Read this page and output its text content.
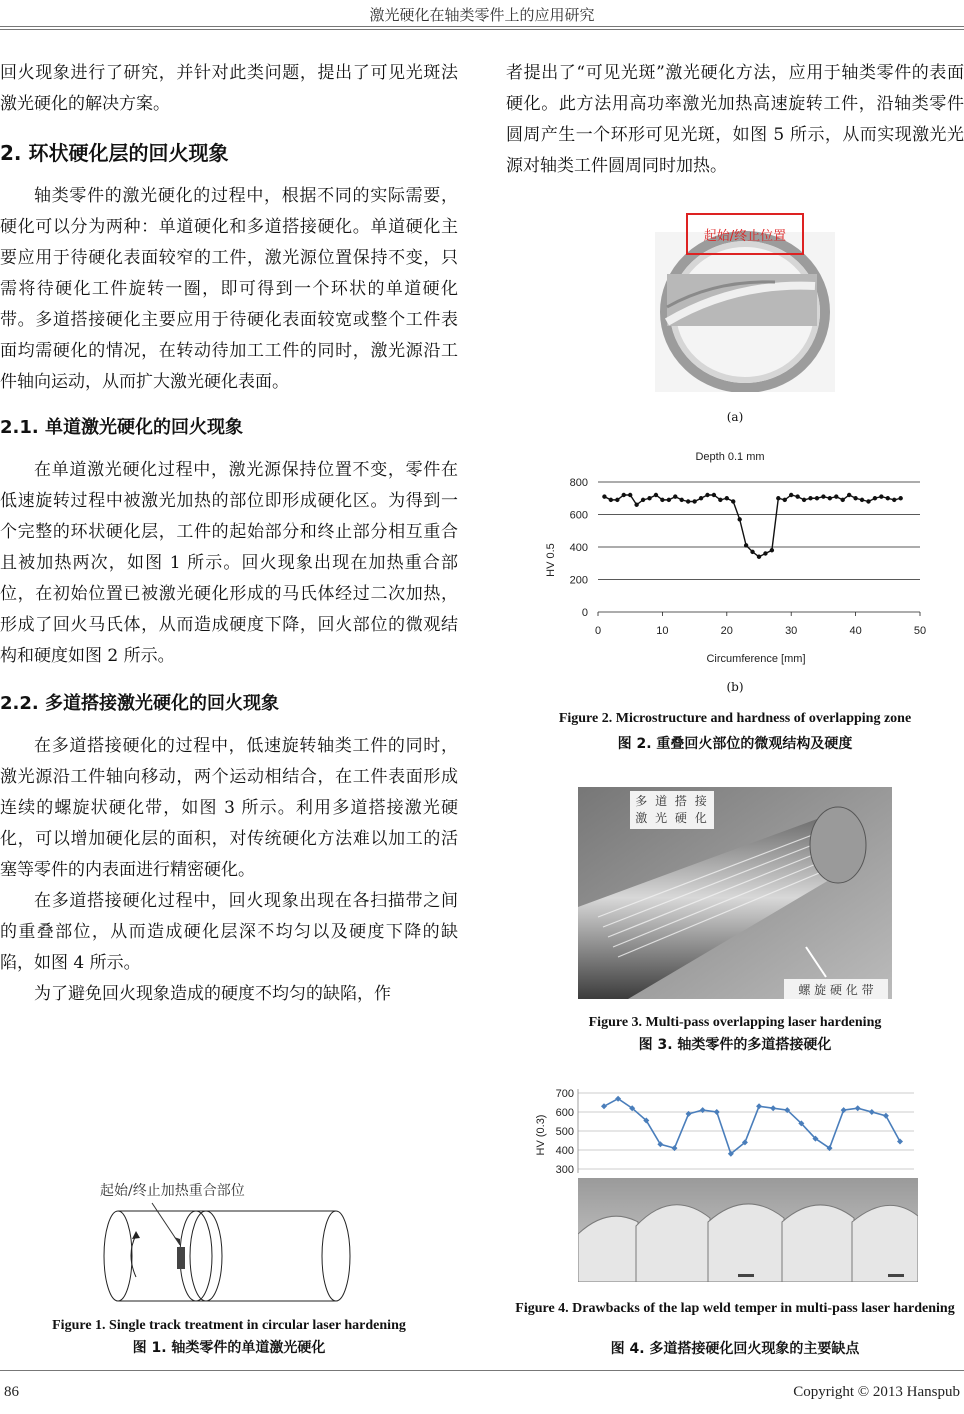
激光硬化在轴类零件上的应用研究

回火现象进行了研究，并针对此类问题，提出了可见光斑法激光硬化的解决方案。

2. 环状硬化层的回火现象

轴类零件的激光硬化的过程中，根据不同的实际需要，硬化可以分为两种：单道硬化和多道搭接硬化。单道硬化主要应用于待硬化表面较窄的工件，激光源位置保持不变，只需将待硬化工件旋转一圈，即可得到一个环状的单道硬化带。多道搭接硬化主要应用于待硬化表面较宽或整个工件表面均需硬化的情况，在转动待加工工件的同时，激光源沿工件轴向运动，从而扩大激光硬化表面。

2.1. 单道激光硬化的回火现象

在单道激光硬化过程中，激光源保持位置不变，零件在低速旋转过程中被激光加热的部位即形成硬化区。为得到一个完整的环状硬化层，工件的起始部分和终止部分相互重合且被加热两次，如图 1 所示。回火现象出现在加热重合部位，在初始位置已被激光硬化形成的马氏体经过二次加热，形成了回火马氏体，从而造成硬度下降，回火部位的微观结构和硬度如图 2 所示。

2.2. 多道搭接激光硬化的回火现象

在多道搭接硬化的过程中，低速旋转轴类工件的同时，激光源沿工件轴向移动，两个运动相结合，在工件表面形成连续的螺旋状硬化带，如图 3 所示。利用多道搭接激光硬化，可以增加硬化层的面积，对传统硬化方法难以加工的活塞等零件的内表面进行精密硬化。

在多道搭接硬化过程中，回火现象出现在各扫描带之间的重叠部位，从而造成硬化层深不均匀以及硬度下降的缺陷，如图 4 所示。

为了避免回火现象造成的硬度不均匀的缺陷，作

起始/终止加热重合部位
Figure 1. Single track treatment in circular laser hardening
图 1. 轴类零件的单道激光硬化

者提出了“可见光斑”激光硬化方法，应用于轴类零件的表面硬化。此方法用高功率激光加热高速旋转工件，沿轴类零件圆周产生一个环形可见光斑，如图 5 所示，从而实现激光光源对轴类工件圆周同时加热。

起始/终止位置
(a)
Depth 0.1 mm
HV 0.5
Circumference [mm]
0
200
400
600
800
0	10	20	30	40	50
(b)
Figure 2. Microstructure and hardness of overlapping zone
图 2. 重叠回火部位的微观结构及硬度
多 道 搭 接
激 光 硬 化
螺 旋 硬 化 带
Figure 3. Multi-pass overlapping laser hardening
图 3. 轴类零件的多道搭接硬化
HV (0.3)
300
400
500
600
700
Figure 4. Drawbacks of the lap weld temper in multi-pass laser hardening
图 4. 多道搭接硬化回火现象的主要缺点
86	Copyright © 2013 Hanspub
